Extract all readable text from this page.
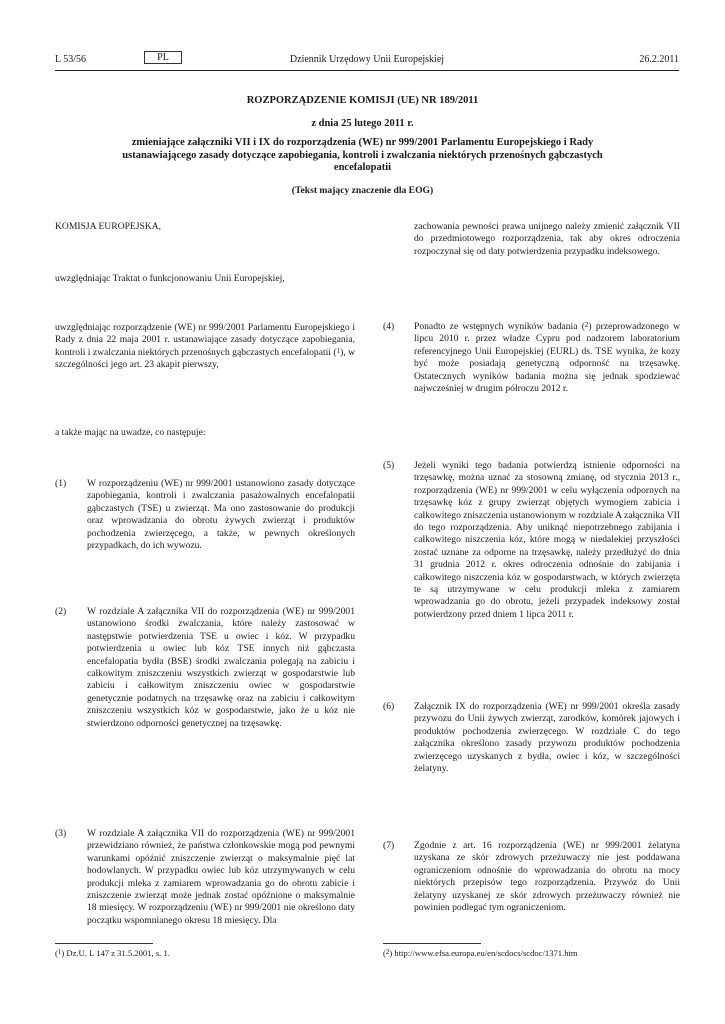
L 53/56	PL	Dziennik Urzędowy Unii Europejskiej	26.2.2011
ROZPORZĄDZENIE KOMISJI (UE) NR 189/2011
z dnia 25 lutego 2011 r.
zmieniające załączniki VII i IX do rozporządzenia (WE) nr 999/2001 Parlamentu Europejskiego i Rady ustanawiającego zasady dotyczące zapobiegania, kontroli i zwalczania niektórych przenośnych gąbczastych encefalopatii
(Tekst mający znaczenie dla EOG)
KOMISJA EUROPEJSKA,
uwzględniając Traktat o funkcjonowaniu Unii Europejskiej,
uwzględniając rozporządzenie (WE) nr 999/2001 Parlamentu Europejskiego i Rady z dnia 22 maja 2001 r. ustanawiające zasady dotyczące zapobiegania, kontroli i zwalczania niektórych przenośnych gąbczastych encefalopatii ($^1$), w szczególności jego art. 23 akapit pierwszy,
a także mając na uwadze, co następuje:
(1) W rozporządzeniu (WE) nr 999/2001 ustanowiono zasady dotyczące zapobiegania, kontroli i zwalczania pasażowalnych encefalopatii gąbczastych (TSE) u zwierząt. Ma ono zastosowanie do produkcji oraz wprowadzania do obrotu żywych zwierząt i produktów pochodzenia zwierzęcego, a także, w pewnych określonych przypadkach, do ich wywozu.
(2) W rozdziale A załącznika VII do rozporządzenia (WE) nr 999/2001 ustanowiono środki zwalczania, które należy zastosować w następstwie potwierdzenia TSE u owiec i kóz. W przypadku potwierdzenia u owiec lub kóz TSE innych niż gąbczasta encefalopatia bydła (BSE) środki zwalczania polegają na zabiciu i całkowitym zniszczeniu wszystkich zwierząt w gospodarstwie lub zabiciu i całkowitym zniszczeniu owiec w gospodarstwie genetycznie podatnych na trzęsawkę oraz na zabiciu i całkowitym zniszczeniu wszystkich kóz w gospodarstwie, jako że u kóz nie stwierdzono odporności genetycznej na trzęsawkę.
(3) W rozdziale A załącznika VII do rozporządzenia (WE) nr 999/2001 przewidziano również, że państwa członkowskie mogą pod pewnymi warunkami opóźnić zniszczenie zwierząt o maksymalnie pięć lat hodowlanych. W przypadku owiec lub kóz utrzymywanych w celu produkcji mleka z zamiarem wprowadzania go do obrotu zabicie i zniszczenie zwierząt może jednak zostać opóźnione o maksymalnie 18 miesięcy. W rozporządzeniu (WE) nr 999/2001 nie określono daty początku wspomnianego okresu 18 miesięcy. Dla
($^1$) Dz.U. L 147 z 31.5.2001, s. 1.
zachowania pewności prawa unijnego należy zmienić załącznik VII do przedmiotowego rozporządzenia, tak aby okres odroczenia rozpoczynał się od daty potwierdzenia przypadku indeksowego.
(4) Ponadto ze wstępnych wyników badania ($^2$) przeprowadzonego w lipcu 2010 r. przez władze Cypru pod nadzorem laboratorium referencyjnego Unii Europejskiej (EURL) ds. TSE wynika, że kozy być może posiadają genetyczną odporność na trzęsawkę. Ostatecznych wyników badania można się jednak spodziewać najwcześniej w drugim półroczu 2012 r.
(5) Jeżeli wyniki tego badania potwierdzą istnienie odporności na trzęsawkę, można uznać za stosowną zmianę, od stycznia 2013 r., rozporządzenia (WE) nr 999/2001 w celu wyłączenia odpornych na trzęsawkę kóz z grupy zwierząt objętych wymogiem zabicia i całkowitego zniszczenia ustanowionym w rozdziale A załącznika VII do tego rozporządzenia. Aby uniknąć niepotrzebnego zabijania i całkowitego niszczenia kóz, które mogą w niedalekiej przyszłości zostać uznane za odporne na trzęsawkę, należy przedłużyć do dnia 31 grudnia 2012 r. okres odroczenia odnośnie do zabijania i całkowitego niszczenia kóz w gospodarstwach, w których zwierzęta te są utrzymywane w celu produkcji mleka z zamiarem wprowadzania go do obrotu, jeżeli przypadek indeksowy został potwierdzony przed dniem 1 lipca 2011 r.
(6) Załącznik IX do rozporządzenia (WE) nr 999/2001 określa zasady przywozu do Unii żywych zwierząt, zarodków, komórek jajowych i produktów pochodzenia zwierzęcego. W rozdziale C do tego załącznika określono zasady przywozu produktów pochodzenia zwierzęcego uzyskanych z bydła, owiec i kóz, w szczególności żelatyny.
(7) Zgodnie z art. 16 rozporządzenia (WE) nr 999/2001 żelatyna uzyskana ze skór zdrowych przeżuwaczy nie jest poddawana ograniczeniom odnośnie do wprowadzania do obrotu na mocy niektórych przepisów tego rozporządzenia. Przywóz do Unii żelatyny uzyskanej ze skór zdrowych przeżuwaczy również nie powinien podlegać tym ograniczeniom.
($^2$) http://www.efsa.europa.eu/en/scdocs/scdoc/1371.htm
